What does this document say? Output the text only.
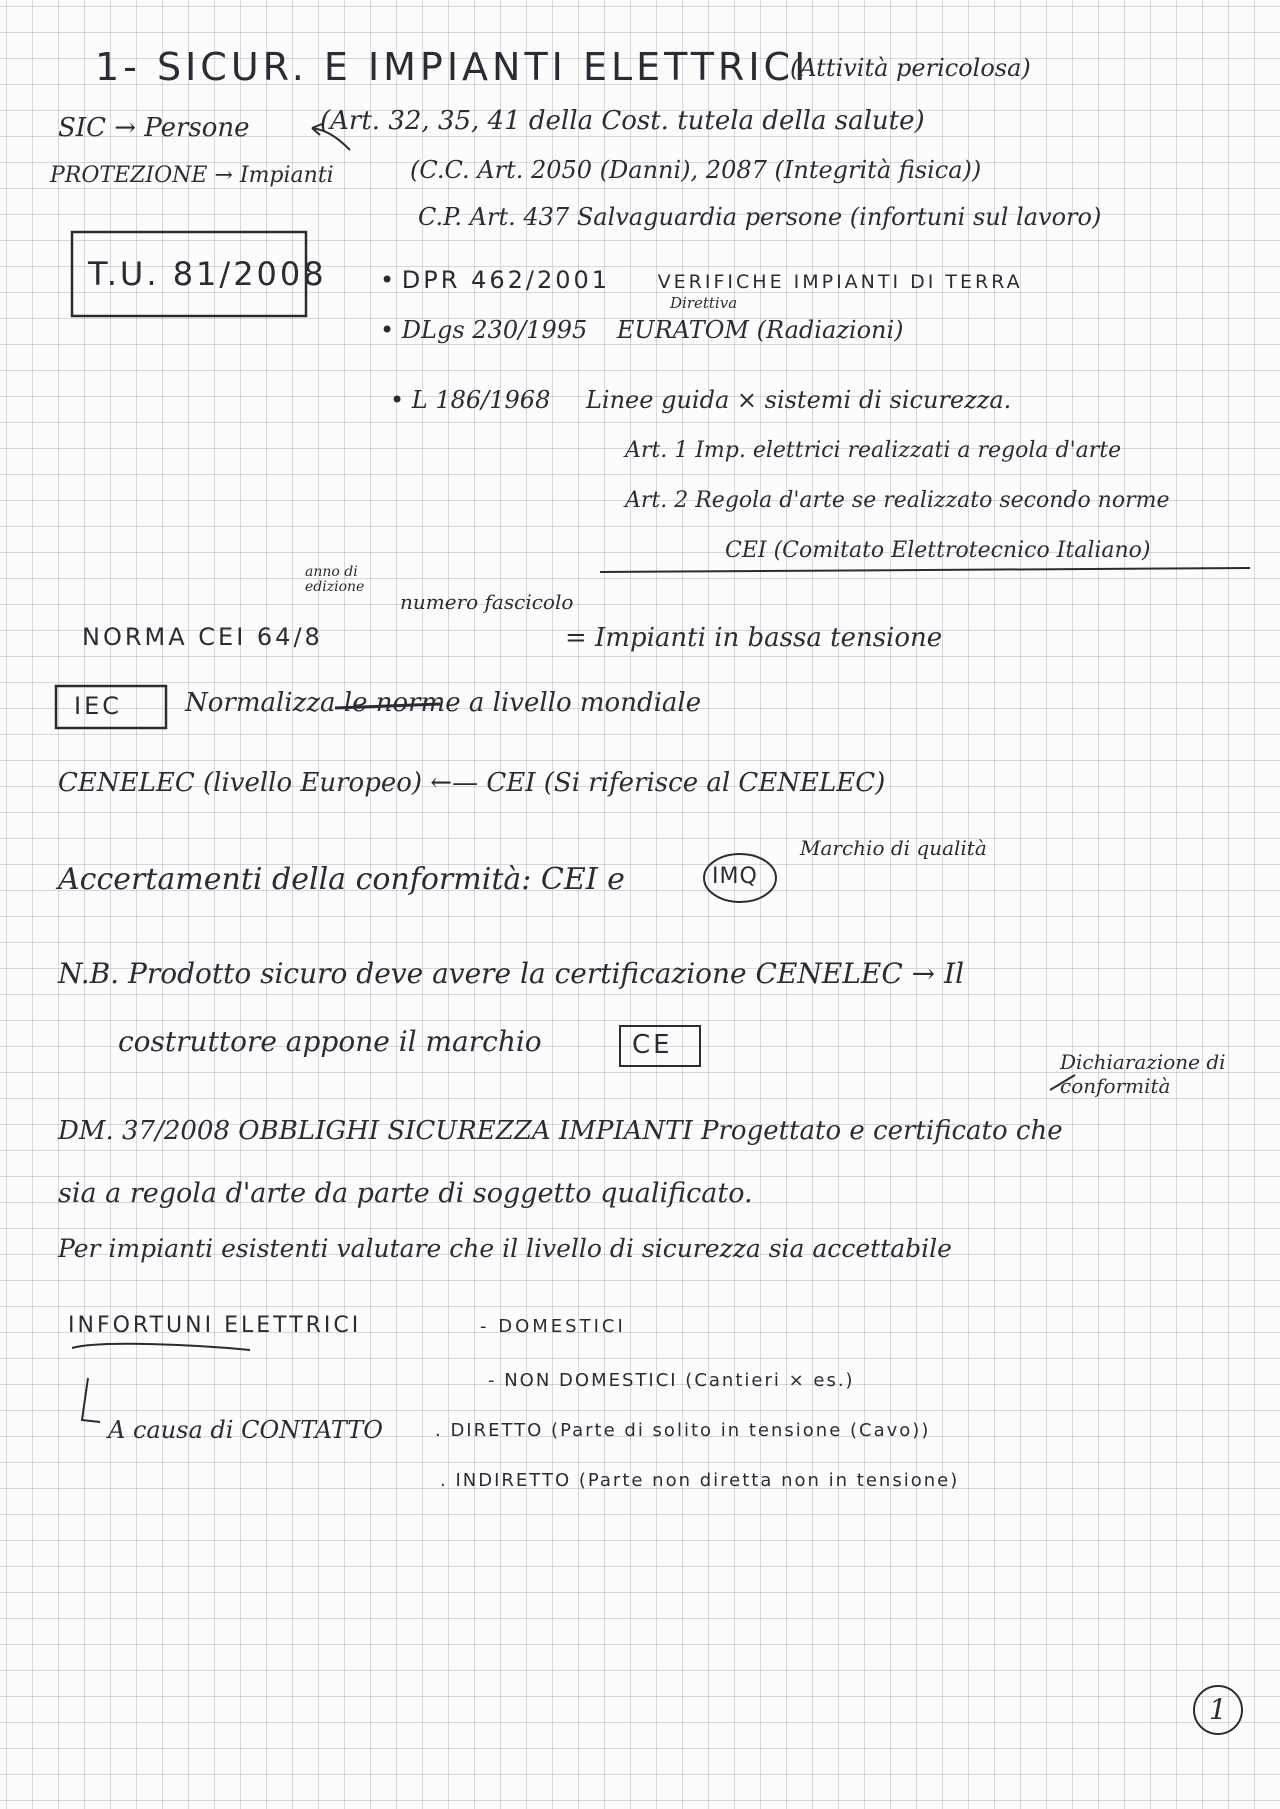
1- SICUR. E IMPIANTI ELETTRICI
(Attività pericolosa)
SIC → Persone	(Art. 32, 35, 41 della Cost. tutela della salute)
PROTEZIONE → Impianti	(C.C. Art. 2050 (Danni), 2087 (Integrità fisica))
C.P. Art. 437 Salvaguardia persone (infortuni sul lavoro)
T.U. 81/2008 • DPR 462/2001	VERIFICHE IMPIANTI DI TERRA
Direttiva
• DLgs 230/1995 EURATOM (Radiazioni)
• L 186/1968 Linee guida × sistemi di sicurezza.
Art. 1 Imp. elettrici realizzati a regola d'arte
Art. 2 Regola d'arte se realizzato secondo norme
CEI (Comitato Elettrotecnico Italiano)
anno di edizione
numero fascicolo
NORMA CEI 64/8	= Impianti in bassa tensione
IEC Normalizza le norme a livello mondiale
CENELEC (livello Europeo) ←— CEI (Si riferisce al CENELEC)
Accertamenti della conformità: CEI e	IMQ
Marchio di qualità
N.B. Prodotto sicuro deve avere la certificazione CENELEC → Il
costruttore appone il marchio	CE
Dichiarazione di conformità
DM. 37/2008 OBBLIGHI SICUREZZA IMPIANTI Progettato e certificato che
sia a regola d'arte da parte di soggetto qualificato.
Per impianti esistenti valutare che il livello di sicurezza sia accettabile
INFORTUNI ELETTRICI	- DOMESTICI
- NON DOMESTICI (Cantieri × es.)
A causa di CONTATTO	. DIRETTO (Parte di solito in tensione (Cavo))
. INDIRETTO (Parte non diretta non in tensione)
1
